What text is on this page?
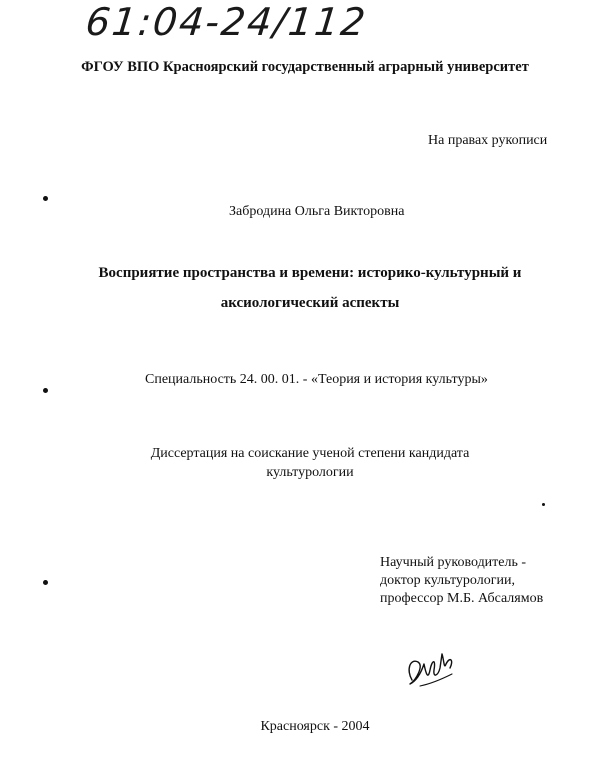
61:04-24/112
ФГОУ ВПО Красноярский государственный аграрный университет
На правах рукописи
Забродина Ольга Викторовна
Восприятие пространства и времени: историко-культурный и
аксиологический аспекты
Специальность 24. 00. 01. - «Теория и история культуры»
Диссертация на соискание ученой степени кандидата
культурологии
Научный руководитель -
доктор культурологии,
профессор М.Б. Абсалямов
Красноярск - 2004
